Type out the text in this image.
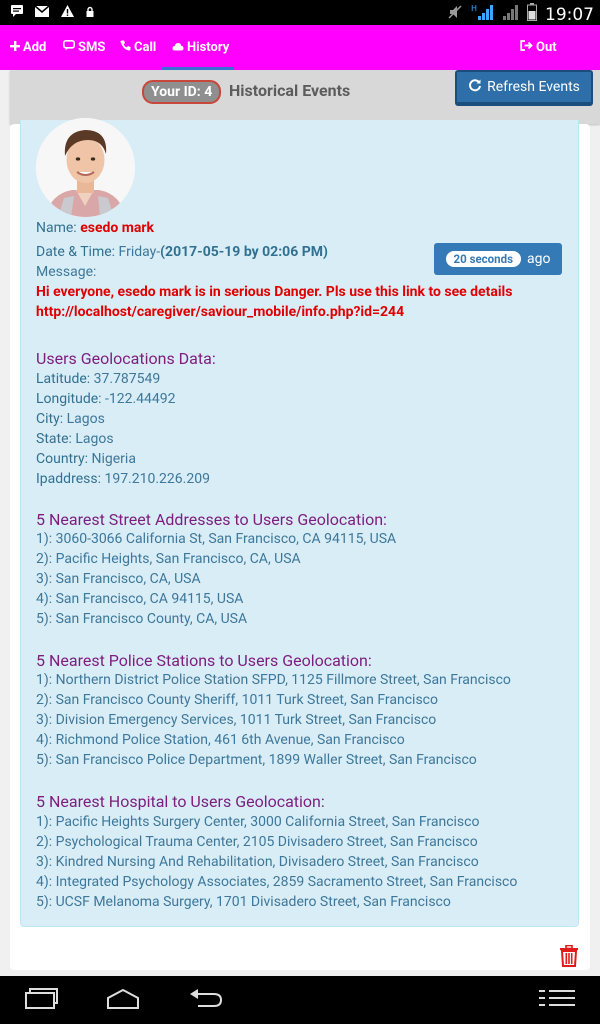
H	19:07
Add SMS Call History	Out
Your ID: 4	Historical Events	Refresh Events
Name: esedo mark
Date & Time: Friday-(2017-05-19 by 02:06 PM)
Message:
Hi everyone, esedo mark is in serious Danger. Pls use this link to see details
http://localhost/caregiver/saviour_mobile/info.php?id=244
20 seconds	ago
Users Geolocations Data:
5 Nearest Street Addresses to Users Geolocation:
5 Nearest Police Stations to Users Geolocation:
5 Nearest Hospital to Users Geolocation:
Latitude: 37.787549
Longitude: -122.44492
City: Lagos
State: Lagos
Country: Nigeria
Ipaddress: 197.210.226.209
1): 3060-3066 California St, San Francisco, CA 94115, USA
2): Pacific Heights, San Francisco, CA, USA
3): San Francisco, CA, USA
4): San Francisco, CA 94115, USA
5): San Francisco County, CA, USA
1): Northern District Police Station SFPD, 1125 Fillmore Street, San Francisco
2): San Francisco County Sheriff, 1011 Turk Street, San Francisco
3): Division Emergency Services, 1011 Turk Street, San Francisco
4): Richmond Police Station, 461 6th Avenue, San Francisco
5): San Francisco Police Department, 1899 Waller Street, San Francisco
1): Pacific Heights Surgery Center, 3000 California Street, San Francisco
2): Psychological Trauma Center, 2105 Divisadero Street, San Francisco
3): Kindred Nursing And Rehabilitation, Divisadero Street, San Francisco
4): Integrated Psychology Associates, 2859 Sacramento Street, San Francisco
5): UCSF Melanoma Surgery, 1701 Divisadero Street, San Francisco
